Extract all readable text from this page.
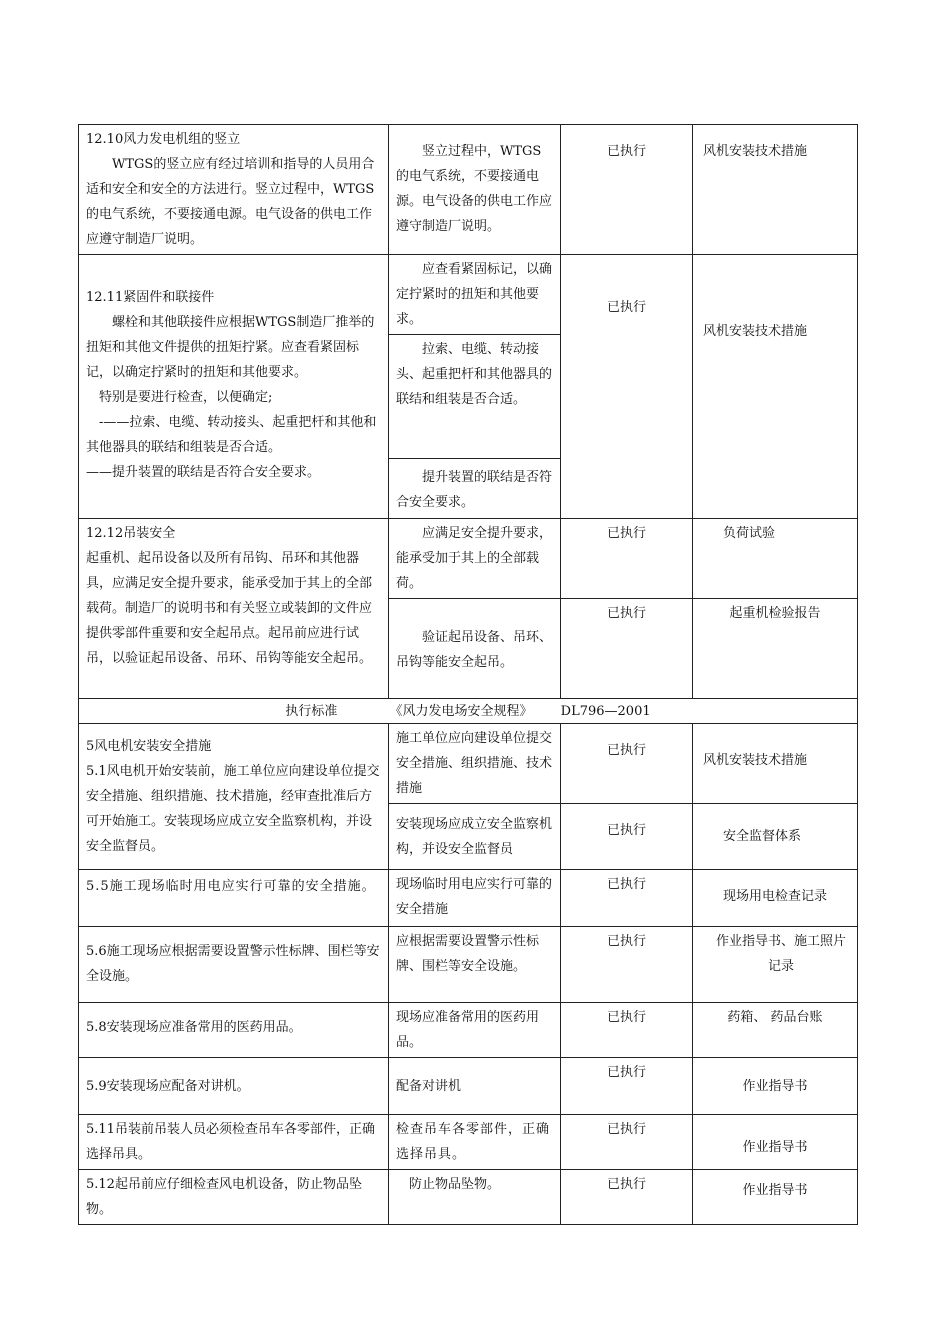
12.10风力发电机组的竖立

WTGS的竖立应有经过培训和指导的人员用合适和安全和安全的方法进行。竖立过程中，WTGS的电气系统，不要接通电源。电气设备的供电工作应遵守制造厂说明。	竖立过程中，WTGS的电气系统，不要接通电源。电气设备的供电工作应遵守制造厂说明。	已执行	风机安装技术措施

12.11紧固件和联接件

螺栓和其他联接件应根据WTGS制造厂推举的扭矩和其他文件提供的扭矩拧紧。应查看紧固标记，以确定拧紧时的扭矩和其他要求。

特别是要进行检查，以便确定;

-——拉索、电缆、转动接头、起重把杆和其他和其他器具的联结和组装是否合适。

——提升装置的联结是否符合安全要求。	应查看紧固标记，以确定拧紧时的扭矩和其他要求。	已执行	风机安装技术措施
	拉索、电缆、转动接头、起重把杆和其他器具的联结和组装是否合适。		
	提升装置的联结是否符合安全要求。		

12.12吊装安全

起重机、起吊设备以及所有吊钩、吊环和其他器具，应满足安全提升要求，能承受加于其上的全部载荷。制造厂的说明书和有关竖立或装卸的文件应提供零部件重要和安全起吊点。起吊前应进行试吊，以验证起吊设备、吊环、吊钩等能安全起吊。	应满足安全提升要求，能承受加于其上的全部载荷。	已执行	负荷试验
	验证起吊设备、吊环、吊钩等能安全起吊。	已执行	起重机检验报告
执行标准 《风力发电场安全规程》 DL796—2001			

5风电机安装安全措施

5.1风电机开始安装前，施工单位应向建设单位提交安全措施、组织措施、技术措施，经审查批准后方可开始施工。安装现场应成立安全监察机构，并设安全监督员。	施工单位应向建设单位提交安全措施、组织措施、技术措施	已执行	风机安装技术措施
	安装现场应成立安全监察机构，并设安全监督员	已执行	安全监督体系
5.5施工现场临时用电应实行可靠的安全措施。	现场临时用电应实行可靠的安全措施	已执行	现场用电检查记录
5.6施工现场应根据需要设置警示性标牌、围栏等安全设施。	应根据需要设置警示性标牌、围栏等安全设施。	已执行	作业指导书、施工照片记录
5.8安装现场应准备常用的医药用品。	现场应准备常用的医药用品。	已执行	药箱、 药品台账
5.9安装现场应配备对讲机。	配备对讲机	已执行	作业指导书
5.11吊装前吊装人员必须检查吊车各零部件，正确选择吊具。	检查吊车各零部件，正确选择吊具。	已执行	作业指导书
5.12起吊前应仔细检查风电机设备，防止物品坠物。	防止物品坠物。	已执行	作业指导书
